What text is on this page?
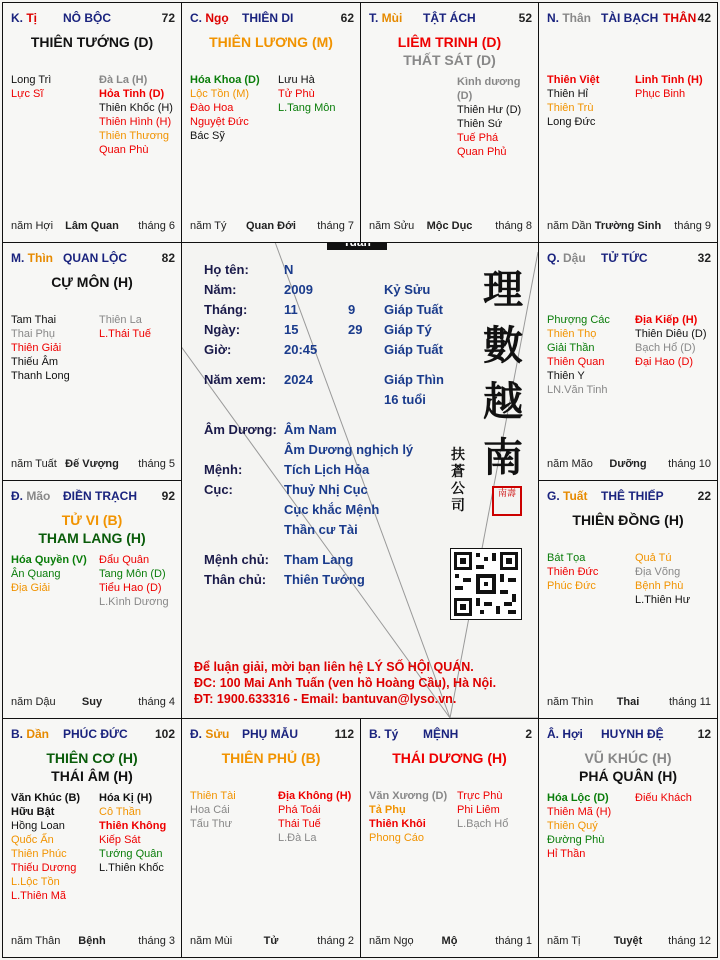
Họ tên:	N
Năm:	2009	Kỷ Sửu
Tháng:	11	9 Giáp Tuất
Ngày:	15	29 Giáp Tý
Giờ:	20:45	Giáp Tuất
Năm xem: 2024	Giáp Thìn
16 tuổi
Âm Dương: Âm Nam
Âm Dương nghịch lý
Mệnh:	Tích Lịch Hỏa
Cục:	Thuỷ Nhị Cục
Cục khắc Mệnh
Thần cư Tài
Mệnh chủ: Tham Lang
Thân chủ: Thiên Tướng
理
數
越
南
扶
蒼
公
司
南壽
Để luận giải, mời bạn liên hệ LÝ SỐ HỘI QUÁN.
ĐC: 100 Mai Anh Tuấn (ven hồ Hoàng Cầu), Hà Nội.
ĐT: 1900.633316 - Email: bantuvan@lyso.vn.
K. Tị NÔ BỘC	72
THIÊN TƯỚNG (D)
Long Trì
Lực Sĩ
Đà La (H)
Hỏa Tinh (D)
Thiên Khốc (H)
Thiên Hình (H)
Thiên Thương
Quan Phù
năm Hợi	Lâm Quan	tháng 6
C. Ngọ THIÊN DI	62
THIÊN LƯƠNG (M)
Hóa Khoa (D)
Lộc Tồn (M)
Đào Hoa
Nguyệt Đức
Bác Sỹ
Lưu Hà
Tử Phù
L.Tang Môn
năm Tý	Quan Đới	tháng 7
T. Mùi TẬT ÁCH	52
LIÊM TRINH (D)
THẤT SÁT (D)
Kình dương (D)
Thiên Hư (D)
Thiên Sứ
Tuế Phá
Quan Phủ
năm Sửu	Mộc Dục	tháng 8
N. Thân TÀI BẠCH THÂN 42
Thiên Việt
Thiên Hỉ
Thiên Trù
Long Đức
Linh Tinh (H)
Phục Binh
năm Dần Trường Sinh	tháng 9
M. Thìn QUAN LỘC	82
CỰ MÔN (H)
Tam Thai
Thai Phụ
Thiên Giải
Thiếu Âm
Thanh Long
Thiên La
L.Thái Tuế
năm Tuất Đế Vượng	tháng 5
Q. Dậu TỬ TỨC	32
Phượng Các
Thiên Thọ
Giải Thần
Thiên Quan
Thiên Y
LN.Văn Tinh
Địa Kiếp (H)
Thiên Diêu (D)
Bạch Hổ (D)
Đại Hao (D)
năm Mão	Dưỡng	tháng 10
Đ. Mão ĐIỀN TRẠCH 92
TỬ VI (B)
THAM LANG (H)
Hóa Quyền (V)
Ân Quang
Địa Giải
Đẩu Quân
Tang Môn (D)
Tiểu Hao (D)
L.Kình Dương
năm Dậu	Suy	tháng 4
G. Tuất THÊ THIẾP	22
THIÊN ĐỒNG (H)
Bát Tọa
Thiên Đức
Phúc Đức
Quả Tú
Địa Võng
Bệnh Phù
L.Thiên Hư
năm Thìn	Thai	tháng 11
B. Dần PHÚC ĐỨC 102
THIÊN CƠ (H)
THÁI ÂM (H)
Văn Khúc (B)
Hữu Bật
Hồng Loan
Quốc Ấn
Thiên Phúc
Thiếu Dương
L.Lộc Tồn
L.Thiên Mã
Hóa Kị (H)
Cô Thần
Thiên Không
Kiếp Sát
Tướng Quân
L.Thiên Khốc
năm Thân	Bệnh	tháng 3
Đ. Sửu PHỤ MẪU	112
THIÊN PHỦ (B)
Thiên Tài
Hoa Cái
Tấu Thư
Địa Không (H)
Phá Toái
Thái Tuế
L.Đà La
năm Mùi	Tử	tháng 2
B. Tý MỆNH	2
THÁI DƯƠNG (H)
Văn Xương (D)
Tả Phụ
Thiên Khôi
Phong Cáo
Trực Phù
Phi Liêm
L.Bạch Hổ
năm Ngọ	Mộ	tháng 1
Â. Hợi HUYNH ĐỆ	12
VŨ KHÚC (H)
PHÁ QUÂN (H)
Hóa Lộc (D)
Thiên Mã (H)
Thiên Quý
Đường Phù
Hỉ Thần
Điếu Khách
năm Tị	Tuyệt	tháng 12
